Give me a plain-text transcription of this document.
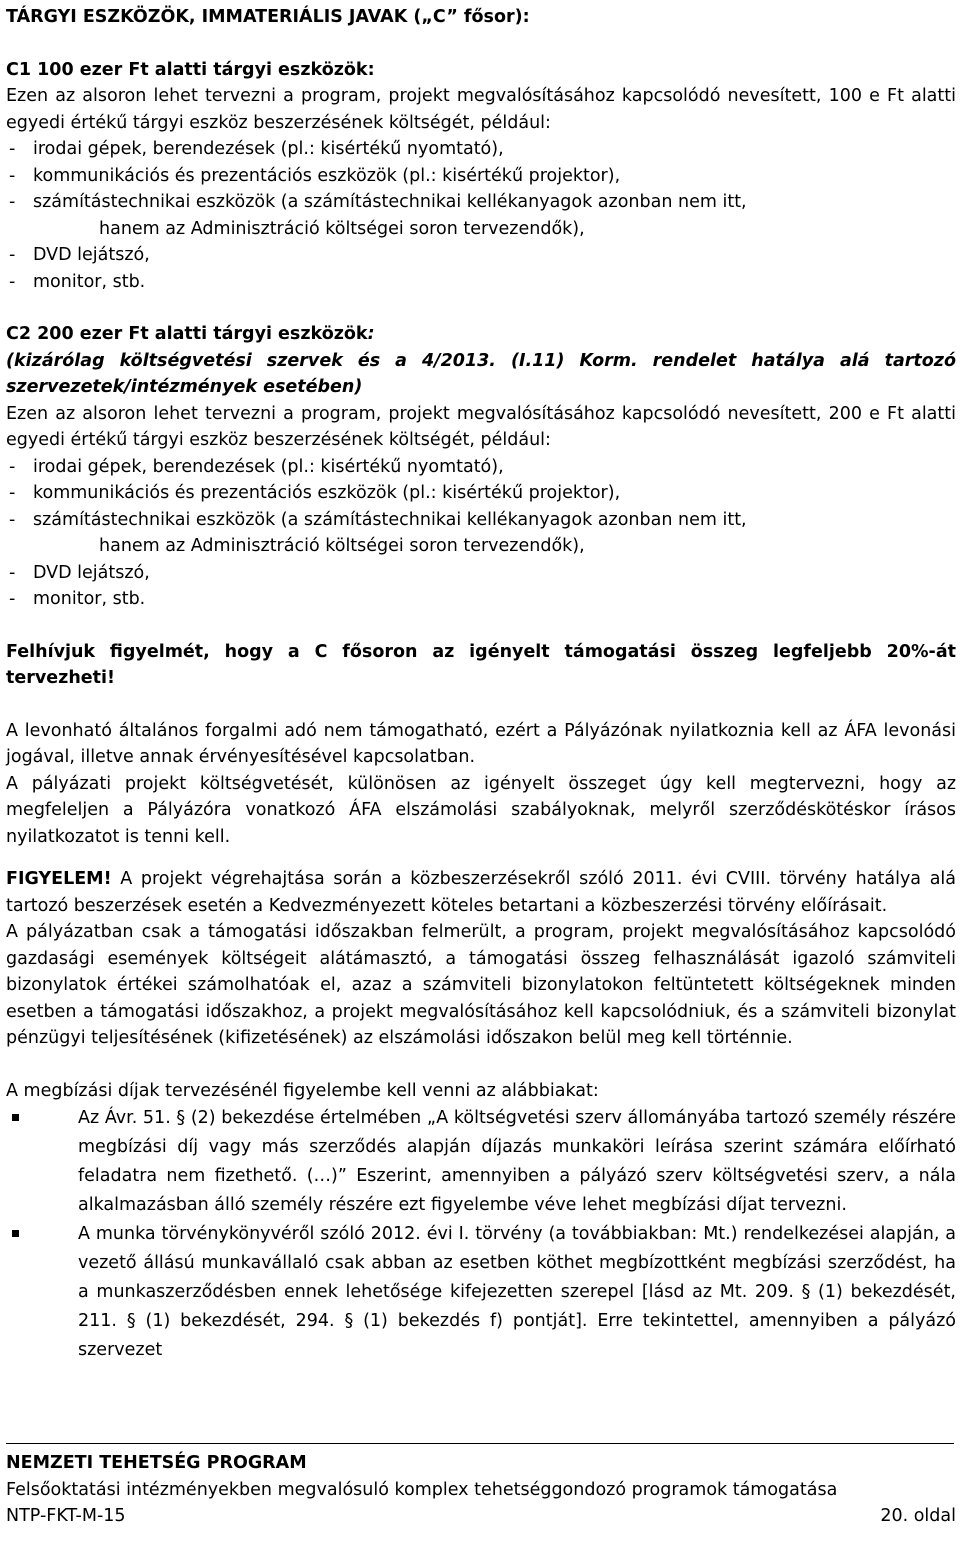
TÁRGYI ESZKÖZÖK, IMMATERIÁLIS JAVAK („C” fősor):

C1 100 ezer Ft alatti tárgyi eszközök:

Ezen az alsoron lehet tervezni a program, projekt megvalósításához kapcsolódó nevesített, 100 e Ft alatti egyedi értékű tárgyi eszköz beszerzésének költségét, például:

-	irodai gépek, berendezések (pl.: kisértékű nyomtató),
-	kommunikációs és prezentációs eszközök (pl.: kisértékű projektor),
-	számítástechnikai eszközök (a számítástechnikai kellékanyagok azonban nem itt,

hanem az Adminisztráció költségei soron tervezendők),

-	DVD lejátszó,
-	monitor, stb.

C2 200 ezer Ft alatti tárgyi eszközök:

(kizárólag költségvetési szervek és a 4/2013. (I.11) Korm. rendelet hatálya alá tartozó szervezetek/intézmények esetében)

Ezen az alsoron lehet tervezni a program, projekt megvalósításához kapcsolódó nevesített, 200 e Ft alatti egyedi értékű tárgyi eszköz beszerzésének költségét, például:

-	irodai gépek, berendezések (pl.: kisértékű nyomtató),
-	kommunikációs és prezentációs eszközök (pl.: kisértékű projektor),
-	számítástechnikai eszközök (a számítástechnikai kellékanyagok azonban nem itt,

hanem az Adminisztráció költségei soron tervezendők),

-	DVD lejátszó,
-	monitor, stb.

Felhívjuk figyelmét, hogy a C fősoron az igényelt támogatási összeg legfeljebb 20%-át tervezheti!

A levonható általános forgalmi adó nem támogatható, ezért a Pályázónak nyilatkoznia kell az ÁFA levonási jogával, illetve annak érvényesítésével kapcsolatban.

A pályázati projekt költségvetését, különösen az igényelt összeget úgy kell megtervezni, hogy az megfeleljen a Pályázóra vonatkozó ÁFA elszámolási szabályoknak, melyről szerződéskötéskor írásos nyilatkozatot is tenni kell.

FIGYELEM! A projekt végrehajtása során a közbeszerzésekről szóló 2011. évi CVIII. törvény hatálya alá tartozó beszerzések esetén a Kedvezményezett köteles betartani a közbeszerzési törvény előírásait.

A pályázatban csak a támogatási időszakban felmerült, a program, projekt megvalósításához kapcsolódó gazdasági események költségeit alátámasztó, a támogatási összeg felhasználását igazoló számviteli bizonylatok értékei számolhatóak el, azaz a számviteli bizonylatokon feltüntetett költségeknek minden esetben a támogatási időszakhoz, a projekt megvalósításához kell kapcsolódniuk, és a számviteli bizonylat pénzügyi teljesítésének (kifizetésének) az elszámolási időszakon belül meg kell történnie.

A megbízási díjak tervezésénél figyelembe kell venni az alábbiakat:

Az Ávr. 51. § (2) bekezdése értelmében „A költségvetési szerv állományába tartozó személy részére megbízási díj vagy más szerződés alapján díjazás munkaköri leírása szerint számára előírható feladatra nem fizethető. (…)” Eszerint, amennyiben a pályázó szerv költségvetési szerv, a nála alkalmazásban álló személy részére ezt figyelembe véve lehet megbízási díjat tervezni.
A munka törvénykönyvéről szóló 2012. évi I. törvény (a továbbiakban: Mt.) rendelkezései alapján, a vezető állású munkavállaló csak abban az esetben köthet megbízottként megbízási szerződést, ha a munkaszerződésben ennek lehetősége kifejezetten szerepel [lásd az Mt. 209. § (1) bekezdését, 211. § (1) bekezdését, 294. § (1) bekezdés f) pontját]. Erre tekintettel, amennyiben a pályázó szervezet

NEMZETI TEHETSÉG PROGRAM

Felsőoktatási intézményekben megvalósuló komplex tehetséggondozó programok támogatása

NTP-FKT-M-15	20. oldal
